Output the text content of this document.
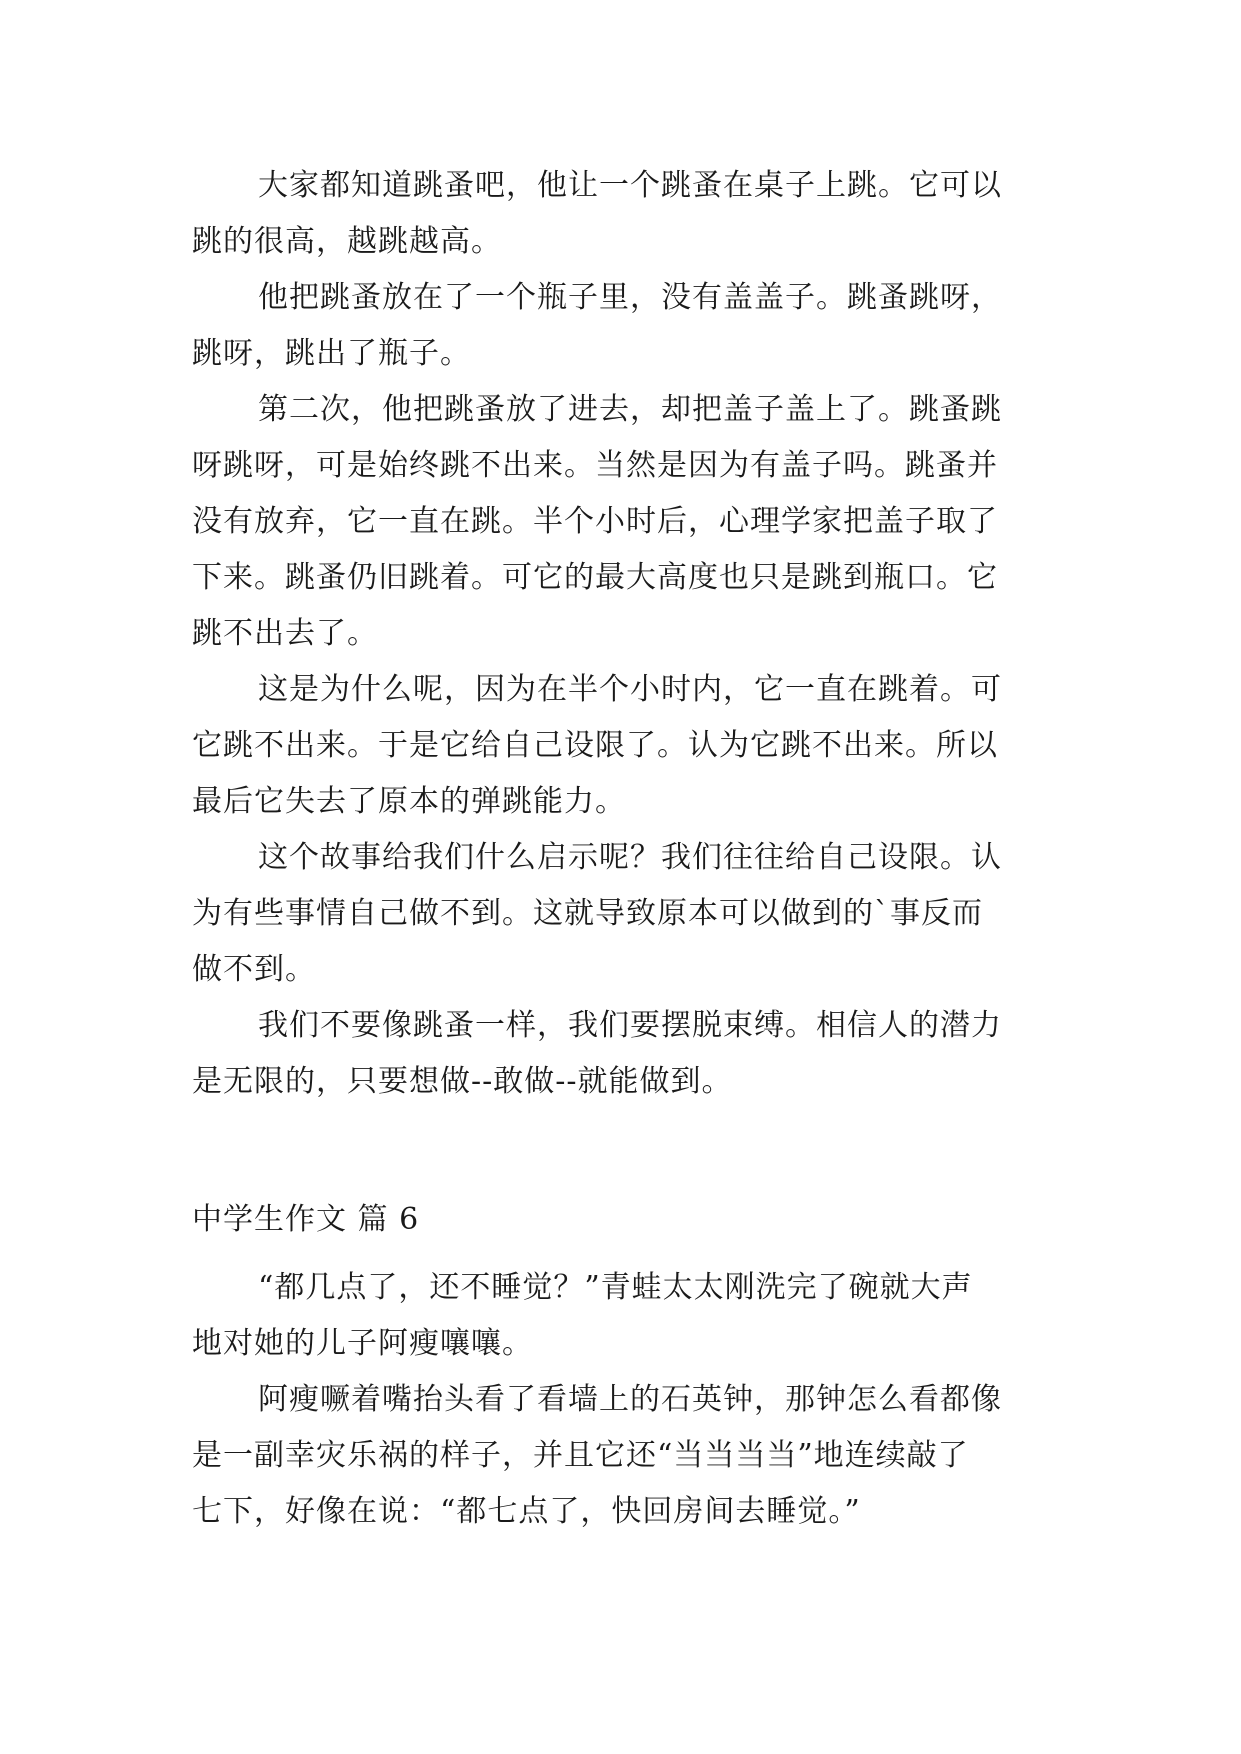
大家都知道跳蚤吧，他让一个跳蚤在桌子上跳。它可以
跳的很高，越跳越高。
他把跳蚤放在了一个瓶子里，没有盖盖子。跳蚤跳呀，
跳呀，跳出了瓶子。
第二次，他把跳蚤放了进去，却把盖子盖上了。跳蚤跳
呀跳呀，可是始终跳不出来。当然是因为有盖子吗。跳蚤并
没有放弃，它一直在跳。半个小时后，心理学家把盖子取了
下来。跳蚤仍旧跳着。可它的最大高度也只是跳到瓶口。它
跳不出去了。
这是为什么呢，因为在半个小时内，它一直在跳着。可
它跳不出来。于是它给自己设限了。认为它跳不出来。所以
最后它失去了原本的弹跳能力。
这个故事给我们什么启示呢？我们往往给自己设限。认
为有些事情自己做不到。这就导致原本可以做到的`事反而
做不到。
我们不要像跳蚤一样，我们要摆脱束缚。相信人的潜力
是无限的，只要想做--敢做--就能做到。
中学生作文 篇 6
“都几点了，还不睡觉？”青蛙太太刚洗完了碗就大声
地对她的儿子阿瘦嚷嚷。
阿瘦噘着嘴抬头看了看墙上的石英钟，那钟怎么看都像
是一副幸灾乐祸的样子，并且它还“当当当当”地连续敲了
七下，好像在说：“都七点了，快回房间去睡觉。”
